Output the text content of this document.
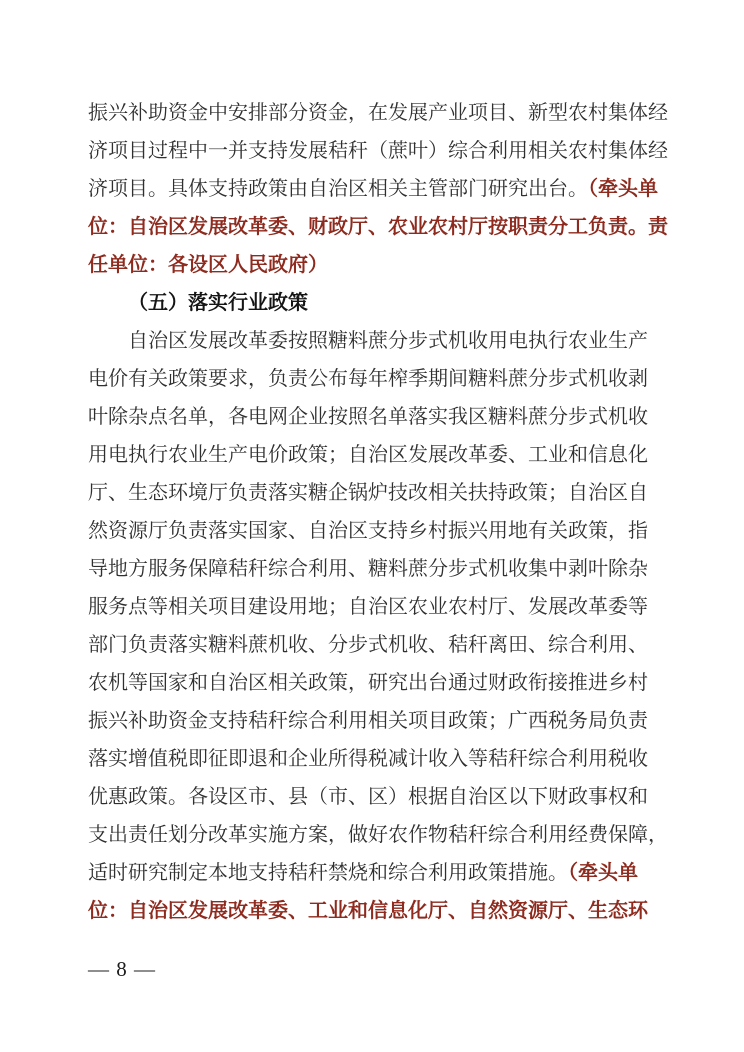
振兴补助资金中安排部分资金，在发展产业项目、新型农村集体经
济项目过程中一并支持发展秸秆（蔗叶）综合利用相关农村集体经
济项目。具体支持政策由自治区相关主管部门研究出台。（牵头单
位：自治区发展改革委、财政厅、农业农村厅按职责分工负责。责
任单位：各设区人民政府）
（五）落实行业政策
自治区发展改革委按照糖料蔗分步式机收用电执行农业生产
电价有关政策要求，负责公布每年榨季期间糖料蔗分步式机收剥
叶除杂点名单，各电网企业按照名单落实我区糖料蔗分步式机收
用电执行农业生产电价政策；自治区发展改革委、工业和信息化
厅、生态环境厅负责落实糖企锅炉技改相关扶持政策；自治区自
然资源厅负责落实国家、自治区支持乡村振兴用地有关政策，指
导地方服务保障秸秆综合利用、糖料蔗分步式机收集中剥叶除杂
服务点等相关项目建设用地；自治区农业农村厅、发展改革委等
部门负责落实糖料蔗机收、分步式机收、秸秆离田、综合利用、
农机等国家和自治区相关政策，研究出台通过财政衔接推进乡村
振兴补助资金支持秸秆综合利用相关项目政策；广西税务局负责
落实增值税即征即退和企业所得税减计收入等秸秆综合利用税收
优惠政策。各设区市、县（市、区）根据自治区以下财政事权和
支出责任划分改革实施方案，做好农作物秸秆综合利用经费保障，
适时研究制定本地支持秸秆禁烧和综合利用政策措施。（牵头单
位：自治区发展改革委、工业和信息化厅、自然资源厅、生态环
— 8 —
